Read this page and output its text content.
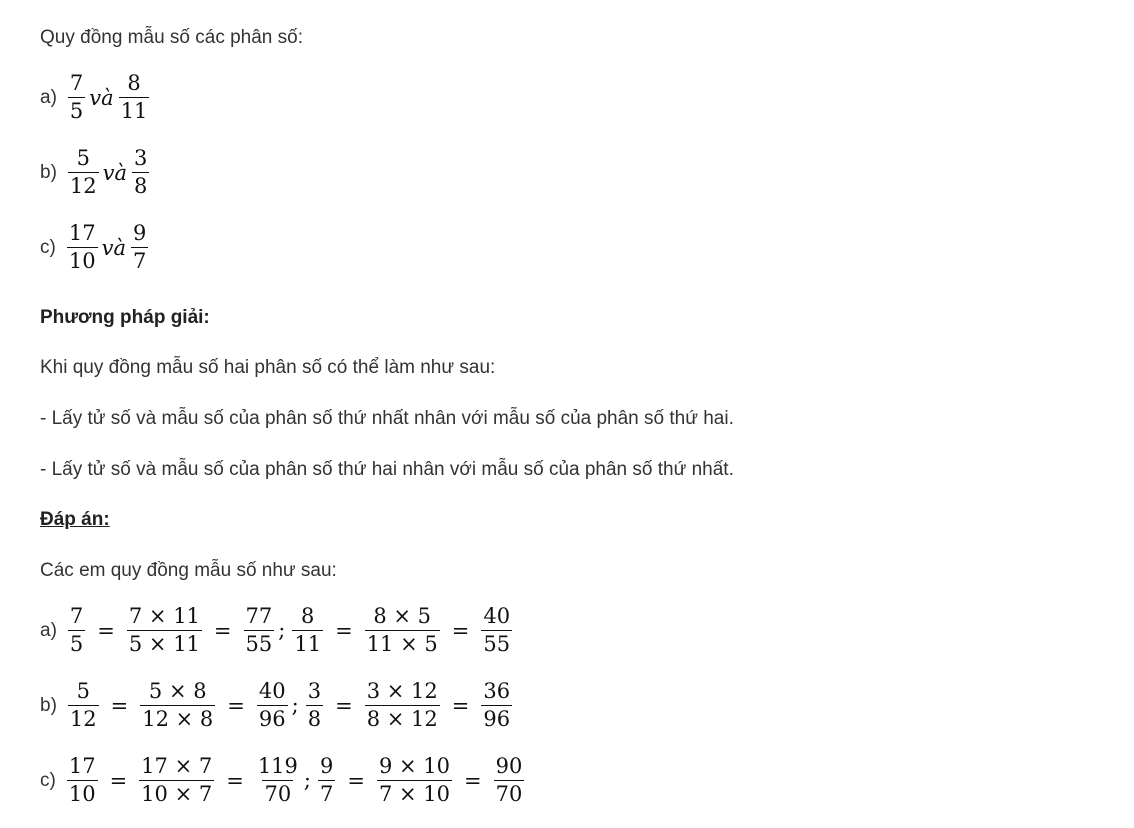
Quy đồng mẫu số các phân số:
$a) \frac{7}{5}$ và $\frac{8}{11}$
$b) \frac{5}{12}$ và $\frac{3}{8}$
$c) \frac{17}{10}$ và $\frac{9}{7}$
Phương pháp giải:
Khi quy đồng mẫu số hai phân số có thể làm như sau:
- Lấy tử số và mẫu số của phân số thứ nhất nhân với mẫu số của phân số thứ hai.
- Lấy tử số và mẫu số của phân số thứ hai nhân với mẫu số của phân số thứ nhất.
Đáp án:
Các em quy đồng mẫu số như sau:
$a) \frac{7}{5} = \frac{7 \times 11}{5 \times 11} = \frac{77}{55}$ ; $\frac{8}{11} = \frac{8 \times 5}{11 \times 5} = \frac{40}{55}$
$b) \frac{5}{12} = \frac{5 \times 8}{12 \times 8} = \frac{40}{96}$ ; $\frac{3}{8} = \frac{3 \times 12}{8 \times 12} = \frac{36}{96}$
$c) \frac{17}{10} = \frac{17 \times 7}{10 \times 7} = \frac{119}{70}$ ; $\frac{9}{7} = \frac{9 \times 10}{7 \times 10} = \frac{90}{70}$
